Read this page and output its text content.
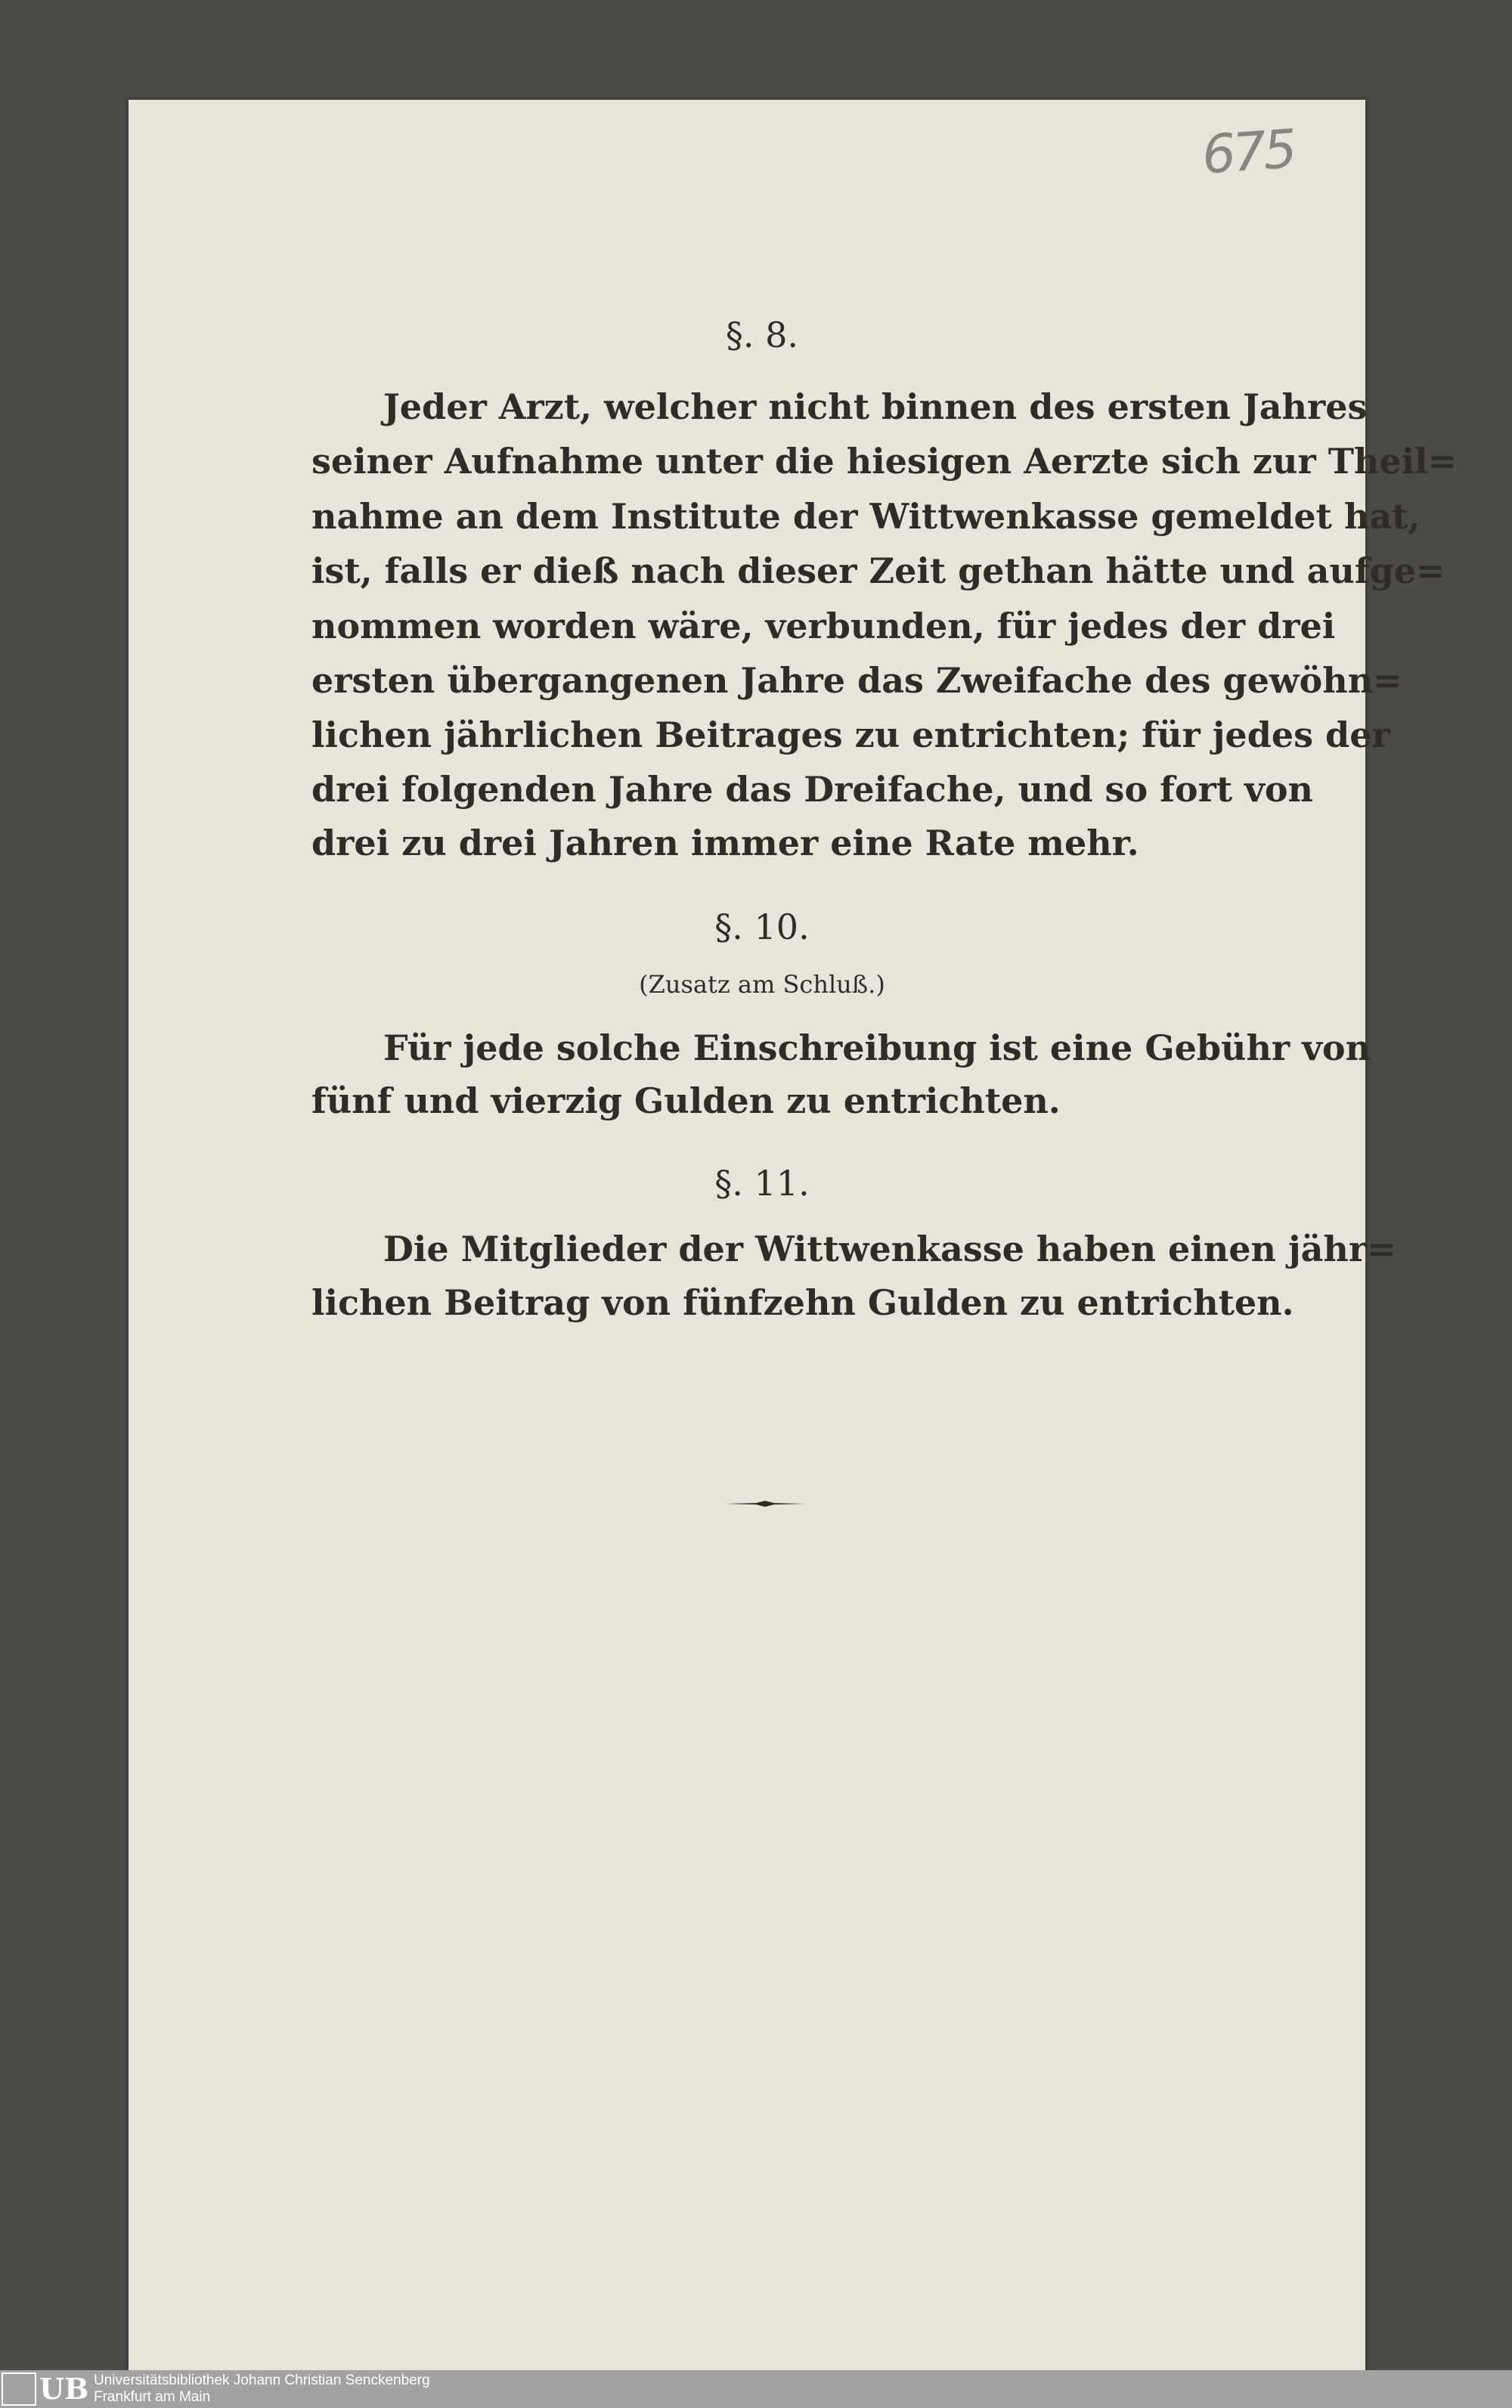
675
§. 8.
Jeder Arzt, welcher nicht binnen des ersten Jahres
seiner Aufnahme unter die hiesigen Aerzte sich zur Theil=
nahme an dem Institute der Wittwenkasse gemeldet hat,
ist, falls er dieß nach dieser Zeit gethan hätte und aufge=
nommen worden wäre, verbunden, für jedes der drei
ersten übergangenen Jahre das Zweifache des gewöhn=
lichen jährlichen Beitrages zu entrichten; für jedes der
drei folgenden Jahre das Dreifache, und so fort von
drei zu drei Jahren immer eine Rate mehr.
§. 10.
(Zusatz am Schluß.)
Für jede solche Einschreibung ist eine Gebühr von
fünf und vierzig Gulden zu entrichten.
§. 11.
Die Mitglieder der Wittwenkasse haben einen jähr=
lichen Beitrag von fünfzehn Gulden zu entrichten.
UB Universitätsbibliothek Johann Christian Senckenberg
Frankfurt am Main
